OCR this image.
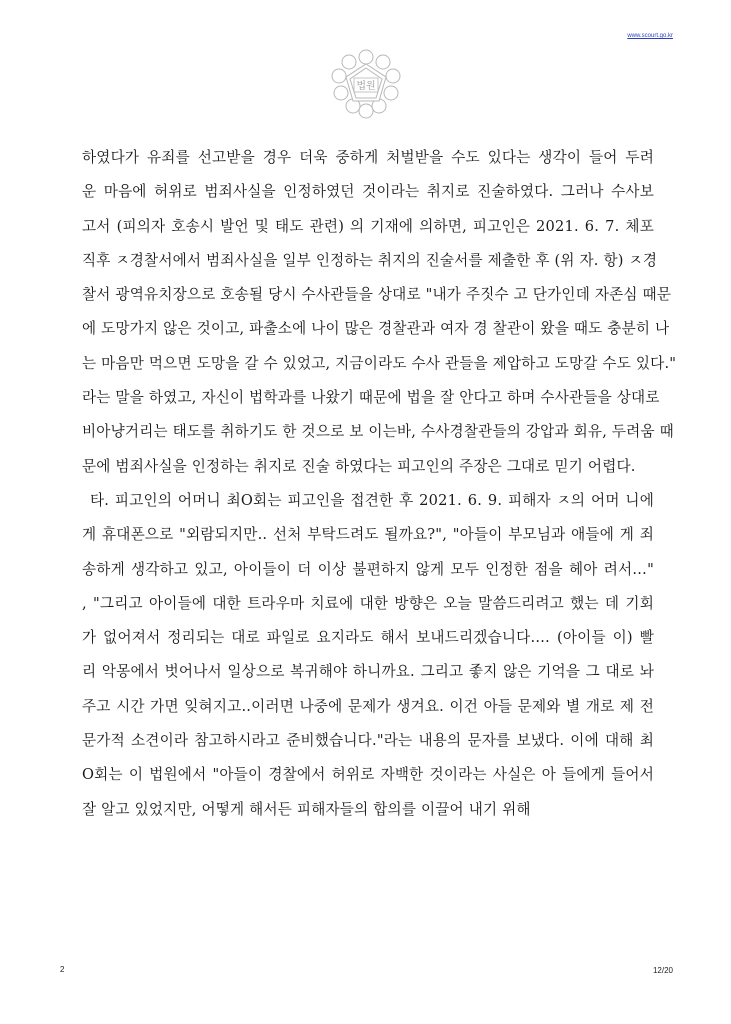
www.scourt.go.kr
법원
하였다가 유죄를 선고받을 경우 더욱 중하게 처벌받을 수도 있다는 생각이 들어 두려
운 마음에 허위로 범죄사실을 인정하였던 것이라는 취지로 진술하였다. 그러나 수사보
고서 (피의자 호송시 발언 및 태도 관련) 의 기재에 의하면, 피고인은 2021. 6. 7. 체포
직후 ㅈ경찰서에서 범죄사실을 일부 인정하는 취지의 진술서를 제출한 후 (위 자. 항) ㅈ경
찰서 광역유치장으로 호송될 당시 수사관들을 상대로 "내가 주짓수 고 단가인데 자존심 때문
에 도망가지 않은 것이고, 파출소에 나이 많은 경찰관과 여자 경 찰관이 왔을 때도 충분히 나
는 마음만 먹으면 도망을 갈 수 있었고, 지금이라도 수사 관들을 제압하고 도망갈 수도 있다."
라는 말을 하였고, 자신이 법학과를 나왔기 때문에 법을 잘 안다고 하며 수사관들을 상대로
비아냥거리는 태도를 취하기도 한 것으로 보 이는바, 수사경찰관들의 강압과 회유, 두려움 때
문에 범죄사실을 인정하는 취지로 진술 하였다는 피고인의 주장은 그대로 믿기 어렵다.
타. 피고인의 어머니 최O회는 피고인을 접견한 후 2021. 6. 9. 피해자 ㅈ의 어머 니에
게 휴대폰으로 "외람되지만.. 선처 부탁드려도 될까요?", "아들이 부모님과 애들에 게 죄
송하게 생각하고 있고, 아이들이 더 이상 불편하지 않게 모두 인정한 점을 헤아 려서…"
, "그리고 아이들에 대한 트라우마 치료에 대한 방향은 오늘 말씀드리려고 했는 데 기회
가 없어져서 정리되는 대로 파일로 요지라도 해서 보내드리겠습니다.… (아이들 이) 빨
리 악몽에서 벗어나서 일상으로 복귀해야 하니까요. 그리고 좋지 않은 기억을 그 대로 놔
주고 시간 가면 잊혀지고..이러면 나중에 문제가 생겨요. 이건 아들 문제와 별 개로 제 전
문가적 소견이라 참고하시라고 준비했습니다."라는 내용의 문자를 보냈다. 이에 대해 최
O회는 이 법원에서 "아들이 경찰에서 허위로 자백한 것이라는 사실은 아 들에게 들어서
잘 알고 있었지만, 어떻게 해서든 피해자들의 합의를 이끌어 내기 위해
2	12/20
